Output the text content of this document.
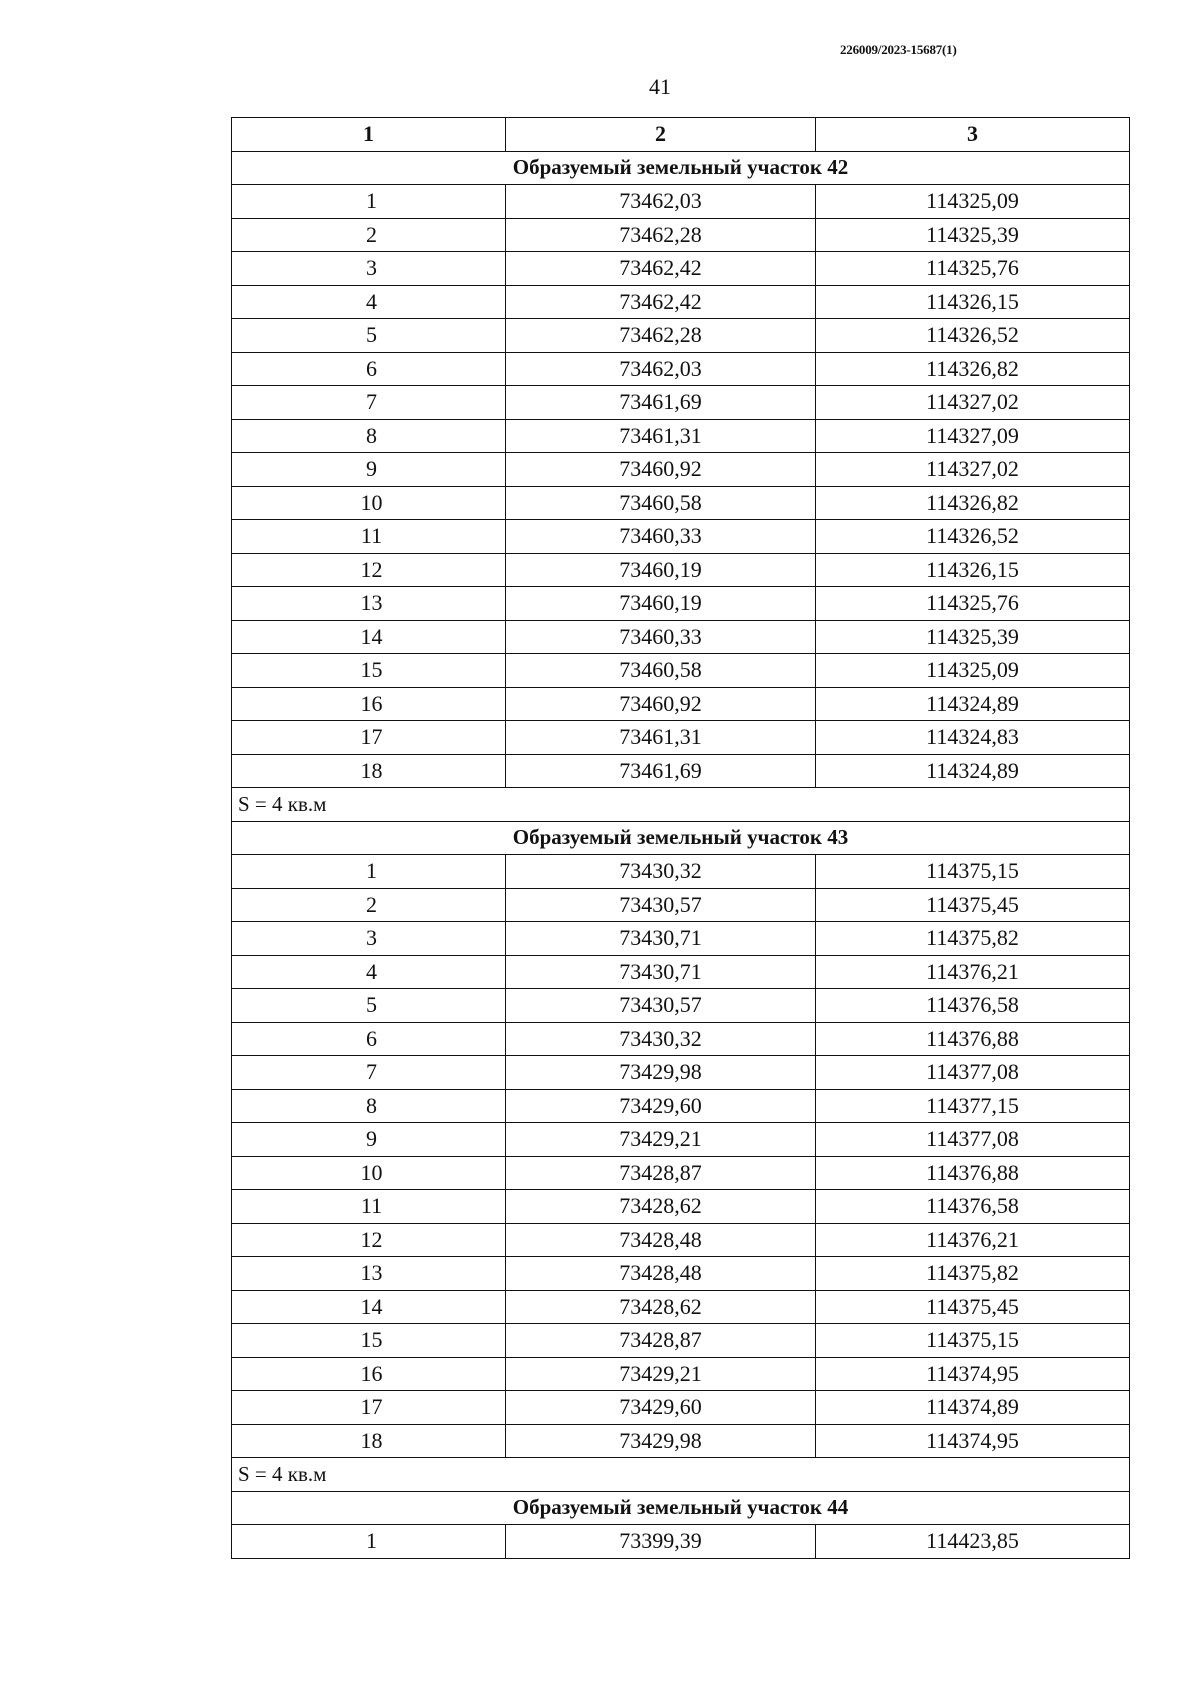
226009/2023-15687(1)
41
1	2	3
Образуемый земельный участок 42		
1	73462,03	114325,09
2	73462,28	114325,39
3	73462,42	114325,76
4	73462,42	114326,15
5	73462,28	114326,52
6	73462,03	114326,82
7	73461,69	114327,02
8	73461,31	114327,09
9	73460,92	114327,02
10	73460,58	114326,82
11	73460,33	114326,52
12	73460,19	114326,15
13	73460,19	114325,76
14	73460,33	114325,39
15	73460,58	114325,09
16	73460,92	114324,89
17	73461,31	114324,83
18	73461,69	114324,89
S = 4 кв.м		
Образуемый земельный участок 43		
1	73430,32	114375,15
2	73430,57	114375,45
3	73430,71	114375,82
4	73430,71	114376,21
5	73430,57	114376,58
6	73430,32	114376,88
7	73429,98	114377,08
8	73429,60	114377,15
9	73429,21	114377,08
10	73428,87	114376,88
11	73428,62	114376,58
12	73428,48	114376,21
13	73428,48	114375,82
14	73428,62	114375,45
15	73428,87	114375,15
16	73429,21	114374,95
17	73429,60	114374,89
18	73429,98	114374,95
S = 4 кв.м		
Образуемый земельный участок 44		
1	73399,39	114423,85
